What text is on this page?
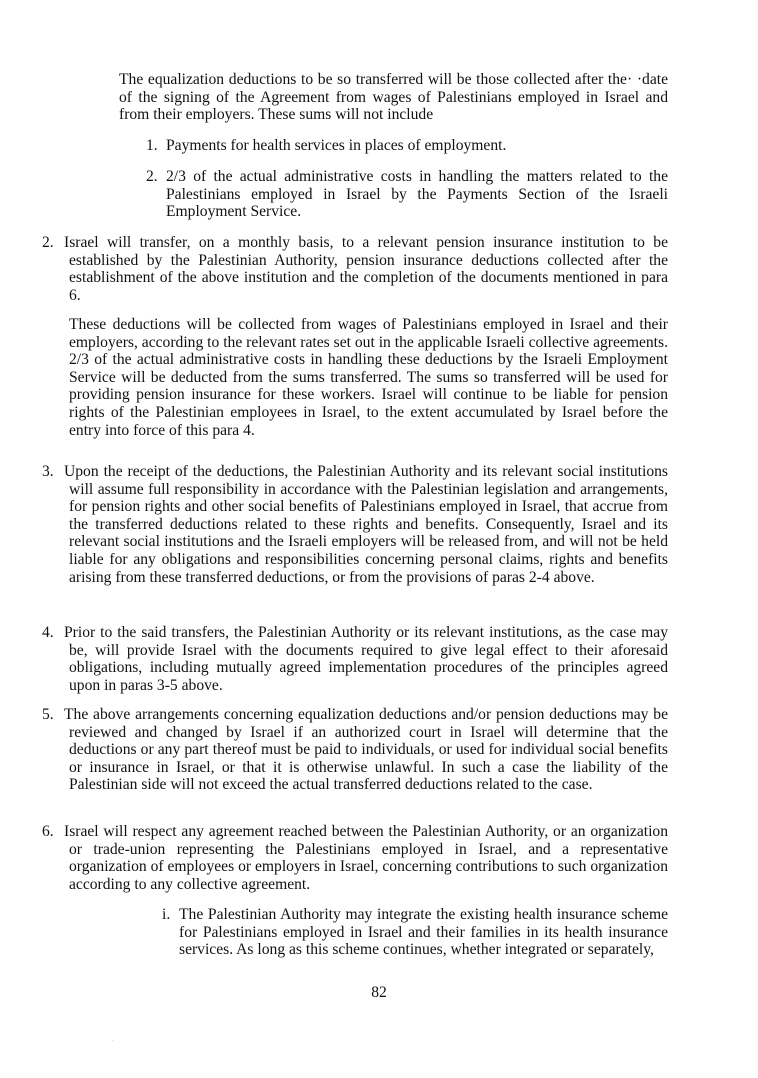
The equalization deductions to be so transferred will be those collected after the· ·date of the signing of the Agreement from wages of Palestinians employed in Israel and from their employers. These sums will not include
1. Payments for health services in places of employment.
2. 2/3 of the actual administrative costs in handling the matters related to the Palestinians employed in Israel by the Payments Section of the Israeli Employment Service.
2. Israel will transfer, on a monthly basis, to a relevant pension insurance institution to be established by the Palestinian Authority, pension insurance deductions collected after the establishment of the above institution and the completion of the documents mentioned in para 6.
These deductions will be collected from wages of Palestinians employed in Israel and their employers, according to the relevant rates set out in the applicable Israeli collective agreements. 2/3 of the actual administrative costs in handling these deductions by the Israeli Employment Service will be deducted from the sums transferred. The sums so transferred will be used for providing pension insurance for these workers. Israel will continue to be liable for pension rights of the Palestinian employees in Israel, to the extent accumulated by Israel before the entry into force of this para 4.
3. Upon the receipt of the deductions, the Palestinian Authority and its relevant social institutions will assume full responsibility in accordance with the Palestinian legislation and arrangements, for pension rights and other social benefits of Palestinians employed in Israel, that accrue from the transferred deductions related to these rights and benefits. Consequently, Israel and its relevant social institutions and the Israeli employers will be released from, and will not be held liable for any obligations and responsibilities concerning personal claims, rights and benefits arising from these transferred deductions, or from the provisions of paras 2-4 above.
4. Prior to the said transfers, the Palestinian Authority or its relevant institutions, as the case may be, will provide Israel with the documents required to give legal effect to their aforesaid obligations, including mutually agreed implementation procedures of the principles agreed upon in paras 3-5 above.
5. The above arrangements concerning equalization deductions and/or pension deductions may be reviewed and changed by Israel if an authorized court in Israel will determine that the deductions or any part thereof must be paid to individuals, or used for individual social benefits or insurance in Israel, or that it is otherwise unlawful. In such a case the liability of the Palestinian side will not exceed the actual transferred deductions related to the case.
6. Israel will respect any agreement reached between the Palestinian Authority, or an organization or trade-union representing the Palestinians employed in Israel, and a representative organization of employees or employers in Israel, concerning contributions to such organization according to any collective agreement.
i. The Palestinian Authority may integrate the existing health insurance scheme for Palestinians employed in Israel and their families in its health insurance services. As long as this scheme continues, whether integrated or separately,
82
